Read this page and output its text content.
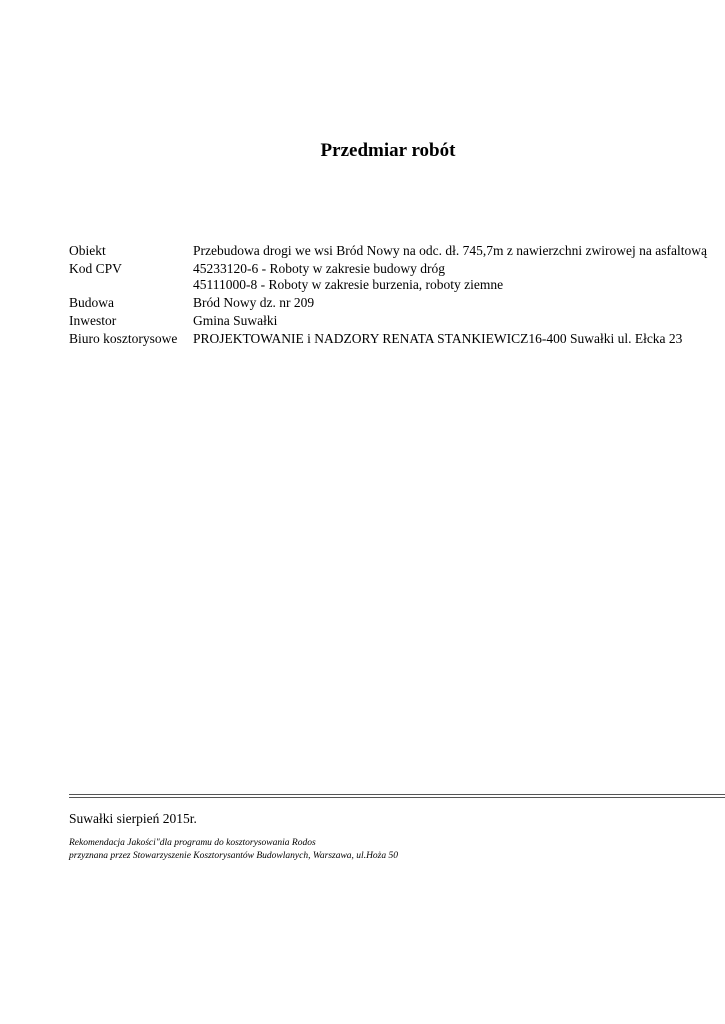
Przedmiar robót
Obiekt	Przebudowa drogi we wsi Bród Nowy na odc. dł. 745,7m z nawierzchni zwirowej na asfaltową
Kod CPV	45233120-6 - Roboty w zakresie budowy dróg
45111000-8 - Roboty w zakresie burzenia, roboty ziemne
Budowa	Bród Nowy dz. nr 209
Inwestor	Gmina Suwałki
Biuro kosztorysowe	PROJEKTOWANIE i NADZORY RENATA STANKIEWICZ16-400 Suwałki ul. Ełcka 23
Suwałki sierpień 2015r.
Rekomendacja Jakości"dla programu do kosztorysowania Rodos
przyznana przez Stowarzyszenie Kosztorysantów Budowlanych, Warszawa, ul.Hoża 50
